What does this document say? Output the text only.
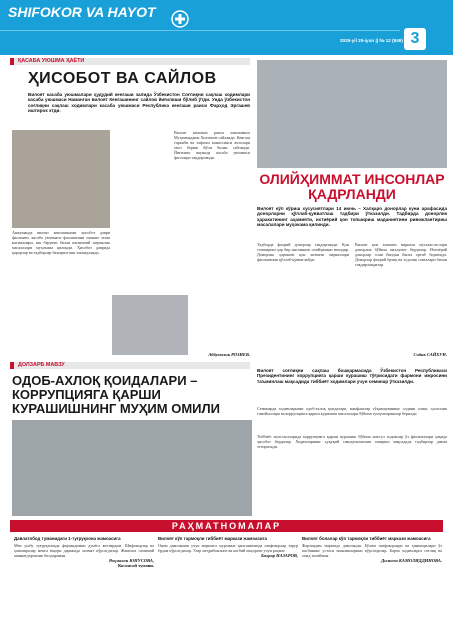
SHIFOKOR VA HAYOT
2025-yil 25-iyun || № 12 (849) 3
ҚАСАБА УЮШМА ҲАЁТИ
ҲИСОБОТ ВА САЙЛОВ
Вилоят касаба уюшмалари ҳудудий кенгаши залида Ўзбекистон Соғлиқни сақлаш ходимлари касаба уюшмаси Наманган вилоят Кенгашининг сайлов йиғилиши бўлиб ўтди. Унда ўзбекистон соғлиқни сақлаш ходимлари касаба уюшмаси Республика кенгаши раиси Фарҳод Эргашев иштирок этди.
Анжуманда вилоят кенгашининг ҳисобот даври фаолияти, касаба уюшмаси фаолиятини ташкил этиш натижалари, иш берувчи билан ижтимоий шериклик масалалари муҳокама қилинди. Ҳисобот даврида қарорлар ва тадбирлар бажарилгани таъкидланди.
Вилоят кенгаши раиси лавозимига Муҳаммаджон Холматов сайланди. Кенгаш таркиби ва тафтиш комиссияси аъзолари овоз бериш йўли билан сайланди. Йиғилиш якунида касаба уюшмаси фаоллари тақдирланди.
Абдумалик РОЗИЕВ.
ОЛИЙҲИММАТ ИНСОНЛАР ҚАДРЛАНДИ
Вилоят кўп кўриш хусусиятлари 14 июнь – Халқаро донорлар куни арафасида донорларни қўллаб-қувватлаш тадбири ўтказилди. Тадбирда донорлик ҳаракатининг аҳамияти, ихтиёрий қон топшириш маданиятини ривожлантириш масалалари муҳокама қилинди.
Тадбирда фахрий донорлар тақдирланди. Қон топшириш ҳар бир инсоннинг олийҳиммат ишидир. Донорлик ҳаракати қон хизмати марказлари фаолиятини қўллаб-қувватлайди.
Вилоят қон хизмати маркази мутахассислари донорлик бўйича маълумот бердилар. Ихтиёрий донорлар сони йилдан йилга ортиб бормоқда. Донорлар фахрий ёрлиқ ва эсдалик совғалари билан тақдирландилар.
Содик САЙХУН.
ДОЛЗАРБ МАВЗУ
ОДОБ-АХЛОҚ ҚОИДАЛАРИ – КОРРУПЦИЯГА ҚАРШИ КУРАШИШНИНГ МУҲИМ ОМИЛИ
Вилоят соғлиқни сақлаш бошқармасида Ўзбекистон Республикаси Президентининг коррупцияга қарши курашиш тўғрисидаги фармони ижросини таъминлаш мақсадида тиббиёт ходимлари учун семинар ўтказилди.
Семинарда ходимларнинг одоб-ахлоқ қоидалари, манфаатлар тўқнашувининг олдини олиш, ҳалоллик тамойиллари ва коррупцияга қарши курашиш масалалари бўйича тушунтиришлар берилди.
Тиббиёт муассасаларида коррупцияга қарши курашиш бўйича маъсул ходимлар ўз фаолиятлари ҳақида ҳисобот бердилар. Ходимларнинг ҳуқуқий саводхонлигини ошириш мақсадида тадбирлар давом эттирилади.
РАҲМАТНОМАЛАР
Давлатобод туманидаги 1-туғруқхона жамоасига
Мен ушбу туғруқхонада фарзандимни дунёга келтирдим. Шифокорлар ва ҳамширалар менга юқори даражада хизмат кўрсатдилар. Жамоага самимий миннатдорчилик билдираман.
Раҳмахон ЮНУСОВА,
Косонсой тумани.
Вилоят кўп тармоқли тиббиёт маркази жамоасига
Онам даволаниш учун марказга мурожаат қилганимизда шифокорлар зарур ёрдам кўрсатдилар. Улар меҳрибонлиги ва касбий маҳорати учун раҳмат.
Бахрор НАЗАРОВ,
Вилоят болалар кўп тармоқли тиббиёт маркази жамоасига
Фарзандим марказда даволанди. Бўлим шифокорлари ва ҳамширалари ўз касбининг устаси эканликларини кўрсатдилар. Барча ходимларга соғлиқ ва омад тилайман.
Дилноза КАМОЛИДДИНОВА.
